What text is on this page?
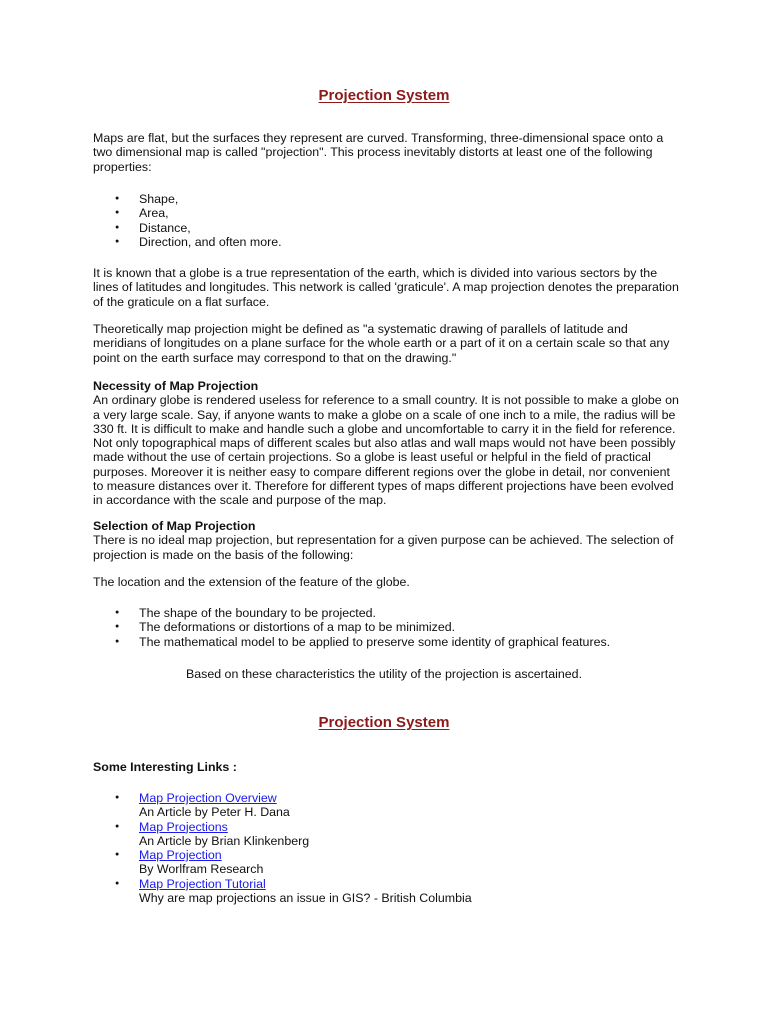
Projection System

Maps are flat, but the surfaces they represent are curved. Transforming, three-dimensional space onto a two dimensional map is called "projection". This process inevitably distorts at least one of the following properties:

● Shape,
● Area,
● Distance,
● Direction, and often more.

It is known that a globe is a true representation of the earth, which is divided into various sectors by the lines of latitudes and longitudes. This network is called 'graticule'. A map projection denotes the preparation of the graticule on a flat surface.

Theoretically map projection might be defined as "a systematic drawing of parallels of latitude and meridians of longitudes on a plane surface for the whole earth or a part of it on a certain scale so that any point on the earth surface may correspond to that on the drawing."

Necessity of Map Projection
An ordinary globe is rendered useless for reference to a small country. It is not possible to make a globe on a very large scale. Say, if anyone wants to make a globe on a scale of one inch to a mile, the radius will be 330 ft. It is difficult to make and handle such a globe and uncomfortable to carry it in the field for reference. Not only topographical maps of different scales but also atlas and wall maps would not have been possibly made without the use of certain projections. So a globe is least useful or helpful in the field of practical purposes. Moreover it is neither easy to compare different regions over the globe in detail, nor convenient to measure distances over it. Therefore for different types of maps different projections have been evolved in accordance with the scale and purpose of the map.
Selection of Map Projection
There is no ideal map projection, but representation for a given purpose can be achieved. The selection of projection is made on the basis of the following:

The location and the extension of the feature of the globe.

● The shape of the boundary to be projected.
● The deformations or distortions of a map to be minimized.
● The mathematical model to be applied to preserve some identity of graphical features.
Based on these characteristics the utility of the projection is ascertained.
Projection System
Some Interesting Links :
● Map Projection Overview
An Article by Peter H. Dana
● Map Projections
An Article by Brian Klinkenberg
● Map Projection
By Worlfram Research
● Map Projection Tutorial
Why are map projections an issue in GIS? - British Columbia
